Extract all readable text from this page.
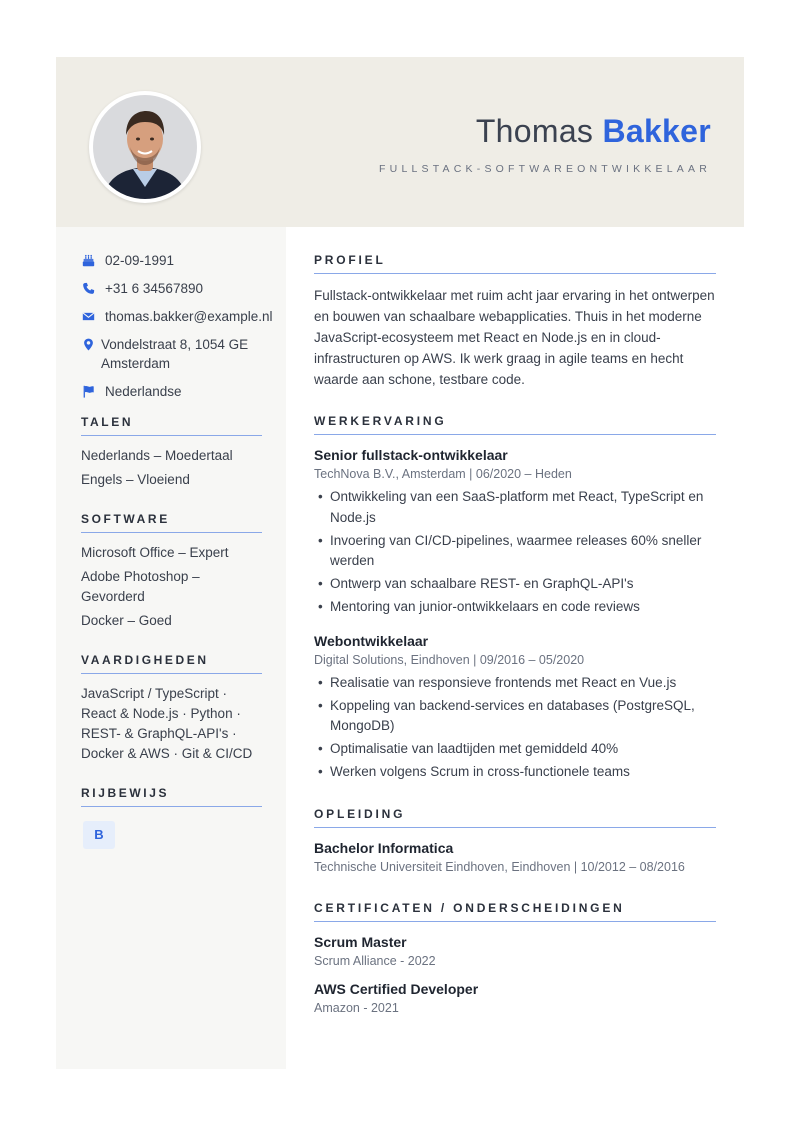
Thomas Bakker
FULLSTACK-SOFTWAREONTWIKKELAAR
02-09-1991
+31 6 34567890
thomas.bakker@example.nl
Vondelstraat 8, 1054 GE
Amsterdam
Nederlandse
TALEN
Nederlands – Moedertaal
Engels – Vloeiend
SOFTWARE
Microsoft Office – Expert
Adobe Photoshop – Gevorderd
Docker – Goed
VAARDIGHEDEN
JavaScript / TypeScript · React & Node.js · Python · REST- & GraphQL-API's · Docker & AWS · Git & CI/CD
RIJBEWIJS
B
PROFIEL
Fullstack-ontwikkelaar met ruim acht jaar ervaring in het ontwerpen en bouwen van schaalbare webapplicaties. Thuis in het moderne JavaScript-ecosysteem met React en Node.js en in cloud-infrastructuren op AWS. Ik werk graag in agile teams en hecht waarde aan schone, testbare code.
WERKERVARING
Senior fullstack-ontwikkelaar
TechNova B.V., Amsterdam | 06/2020 – Heden
• Ontwikkeling van een SaaS-platform met React, TypeScript en Node.js
• Invoering van CI/CD-pipelines, waarmee releases 60% sneller werden
• Ontwerp van schaalbare REST- en GraphQL-API's
• Mentoring van junior-ontwikkelaars en code reviews
Webontwikkelaar
Digital Solutions, Eindhoven | 09/2016 – 05/2020
• Realisatie van responsieve frontends met React en Vue.js
• Koppeling van backend-services en databases (PostgreSQL, MongoDB)
• Optimalisatie van laadtijden met gemiddeld 40%
• Werken volgens Scrum in cross-functionele teams
OPLEIDING
Bachelor Informatica
Technische Universiteit Eindhoven, Eindhoven | 10/2012 – 08/2016
CERTIFICATEN / ONDERSCHEIDINGEN
Scrum Master
Scrum Alliance - 2022
AWS Certified Developer
Amazon - 2021
